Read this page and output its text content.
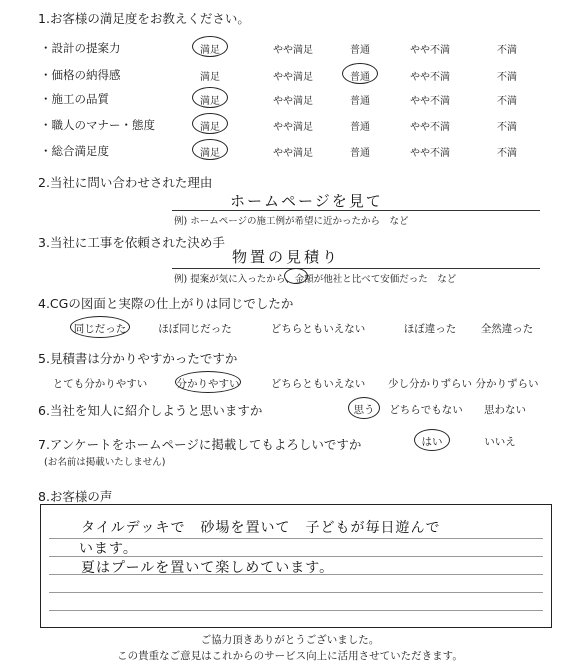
1.お客様の満足度をお教えください。
・設計の提案力	満足	やや満足	普通	やや不満	不満
・価格の納得感	満足	やや満足	普通	やや不満	不満
・施工の品質	満足	やや満足	普通	やや不満	不満
・職人のマナー・態度	満足	やや満足	普通	やや不満	不満
・総合満足度	満足	やや満足	普通	やや不満	不満
2.当社に問い合わせされた理由
ホームページを見て
例) ホームページの施工例が希望に近かったから　など
3.当社に工事を依頼された決め手
物置の見積り
例) 提案が気に入ったから、金額が他社と比べて安価だった　など
4.CGの図面と実際の仕上がりは同じでしたか
同じだった	ほぼ同じだった	どちらともいえない	ほぼ違った	全然違った
5.見積書は分かりやすかったですか
とても分かりやすい	分かりやすい	どちらともいえない	少し分かりずらい 分かりずらい
6.当社を知人に紹介しようと思いますか	思う	どちらでもない	思わない
7.アンケートをホームページに掲載してもよろしいですか
(お名前は掲載いたしません)
はい	いいえ
8.お客様の声
タイルデッキで　砂場を置いて　子どもが毎日遊んで
います。
夏はプールを置いて楽しめています。
ご協力頂きありがとうございました。
この貴重なご意見はこれからのサービス向上に活用させていただきます。
